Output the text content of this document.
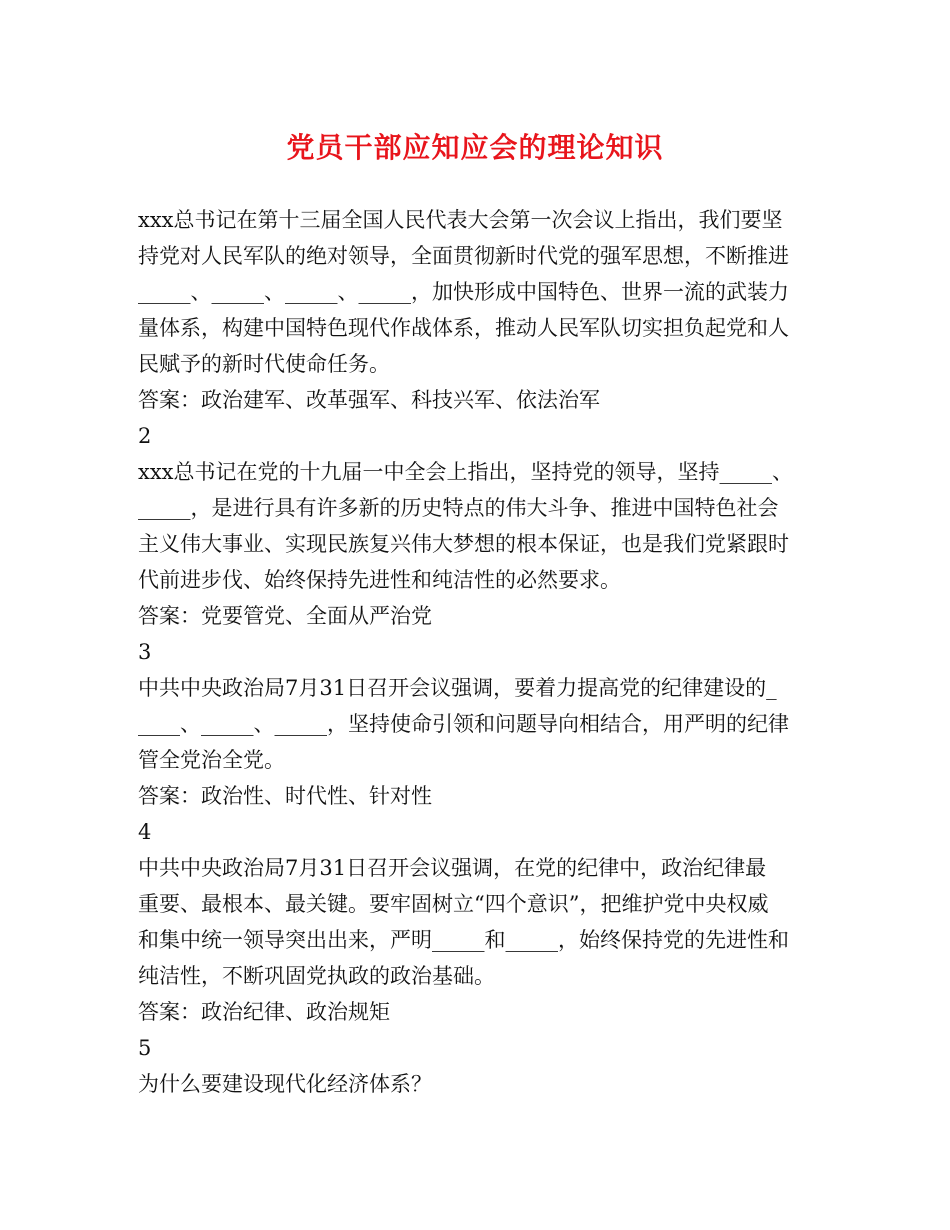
党员干部应知应会的理论知识
xxx总书记在第十三届全国人民代表大会第一次会议上指出，我们要坚
持党对人民军队的绝对领导，全面贯彻新时代党的强军思想，不断推进
_____、_____、_____、_____，加快形成中国特色、世界一流的武装力
量体系，构建中国特色现代作战体系，推动人民军队切实担负起党和人
民赋予的新时代使命任务。
答案：政治建军、改革强军、科技兴军、依法治军
2
xxx总书记在党的十九届一中全会上指出，坚持党的领导，坚持_____、
_____，是进行具有许多新的历史特点的伟大斗争、推进中国特色社会
主义伟大事业、实现民族复兴伟大梦想的根本保证，也是我们党紧跟时
代前进步伐、始终保持先进性和纯洁性的必然要求。
答案：党要管党、全面从严治党
3
中共中央政治局7月31日召开会议强调，要着力提高党的纪律建设的_
____、_____、_____，坚持使命引领和问题导向相结合，用严明的纪律
管全党治全党。
答案：政治性、时代性、针对性
4
中共中央政治局7月31日召开会议强调，在党的纪律中，政治纪律最
重要、最根本、最关键。要牢固树立“四个意识”，把维护党中央权威
和集中统一领导突出出来，严明_____和_____，始终保持党的先进性和
纯洁性，不断巩固党执政的政治基础。
答案：政治纪律、政治规矩
5
为什么要建设现代化经济体系？
